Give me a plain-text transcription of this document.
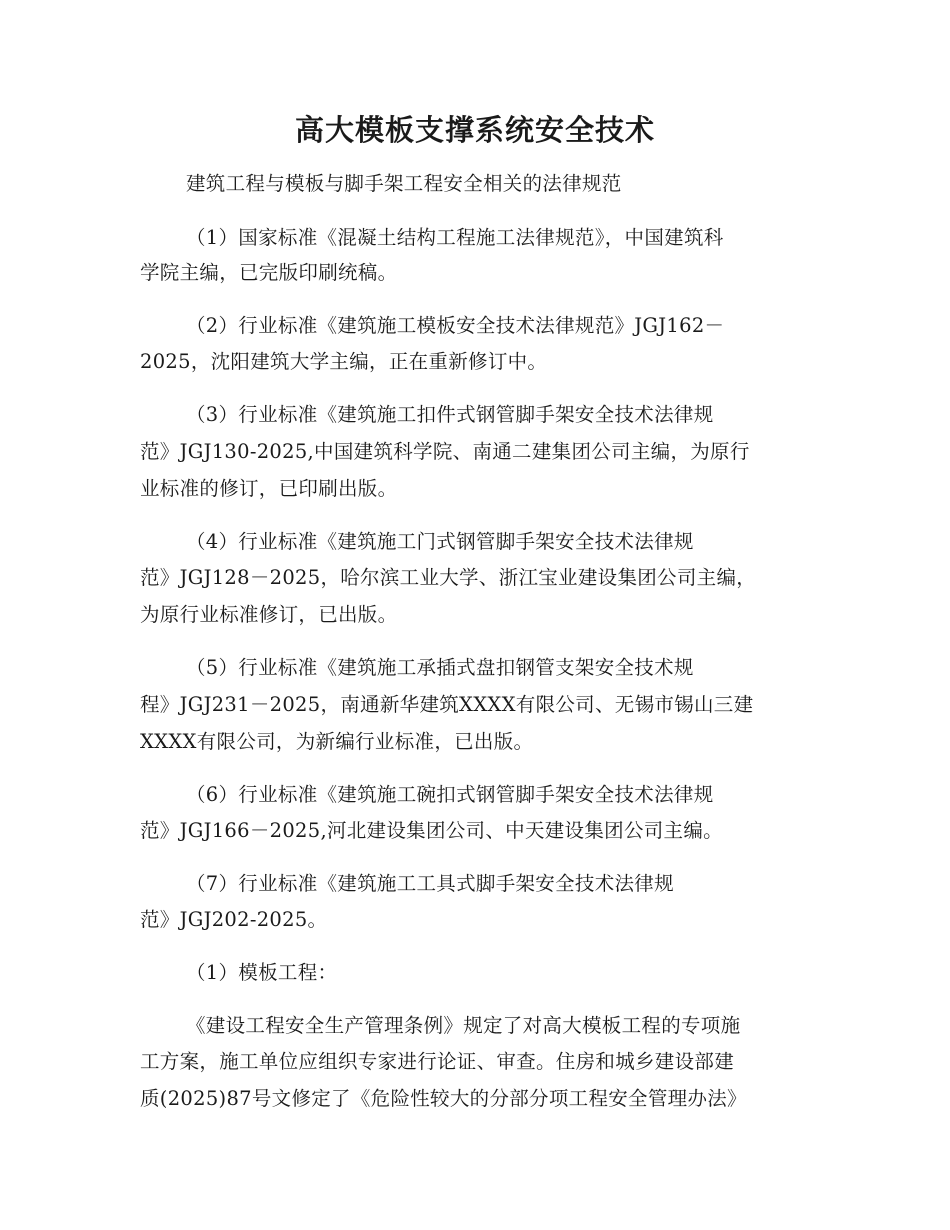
高大模板支撑系统安全技术
建筑工程与模板与脚手架工程安全相关的法律规范
（1）国家标准《混凝土结构工程施工法律规范》，中国建筑科
学院主编，已完版印刷统稿。
（2）行业标准《建筑施工模板安全技术法律规范》JGJ162－
2025，沈阳建筑大学主编，正在重新修订中。
（3）行业标准《建筑施工扣件式钢管脚手架安全技术法律规
范》JGJ130-2025,中国建筑科学院、南通二建集团公司主编，为原行
业标准的修订，已印刷出版。
（4）行业标准《建筑施工门式钢管脚手架安全技术法律规
范》JGJ128－2025，哈尔滨工业大学、浙江宝业建设集团公司主编，
为原行业标准修订，已出版。
（5）行业标准《建筑施工承插式盘扣钢管支架安全技术规
程》JGJ231－2025，南通新华建筑XXXX有限公司、无锡市锡山三建
XXXX有限公司，为新编行业标准，已出版。
（6）行业标准《建筑施工碗扣式钢管脚手架安全技术法律规
范》JGJ166－2025,河北建设集团公司、中天建设集团公司主编。
（7）行业标准《建筑施工工具式脚手架安全技术法律规
范》JGJ202-2025。
（1）模板工程：
《建设工程安全生产管理条例》规定了对高大模板工程的专项施
工方案，施工单位应组织专家进行论证、审查。住房和城乡建设部建
质(2025)87号文修定了《危险性较大的分部分项工程安全管理办法》
